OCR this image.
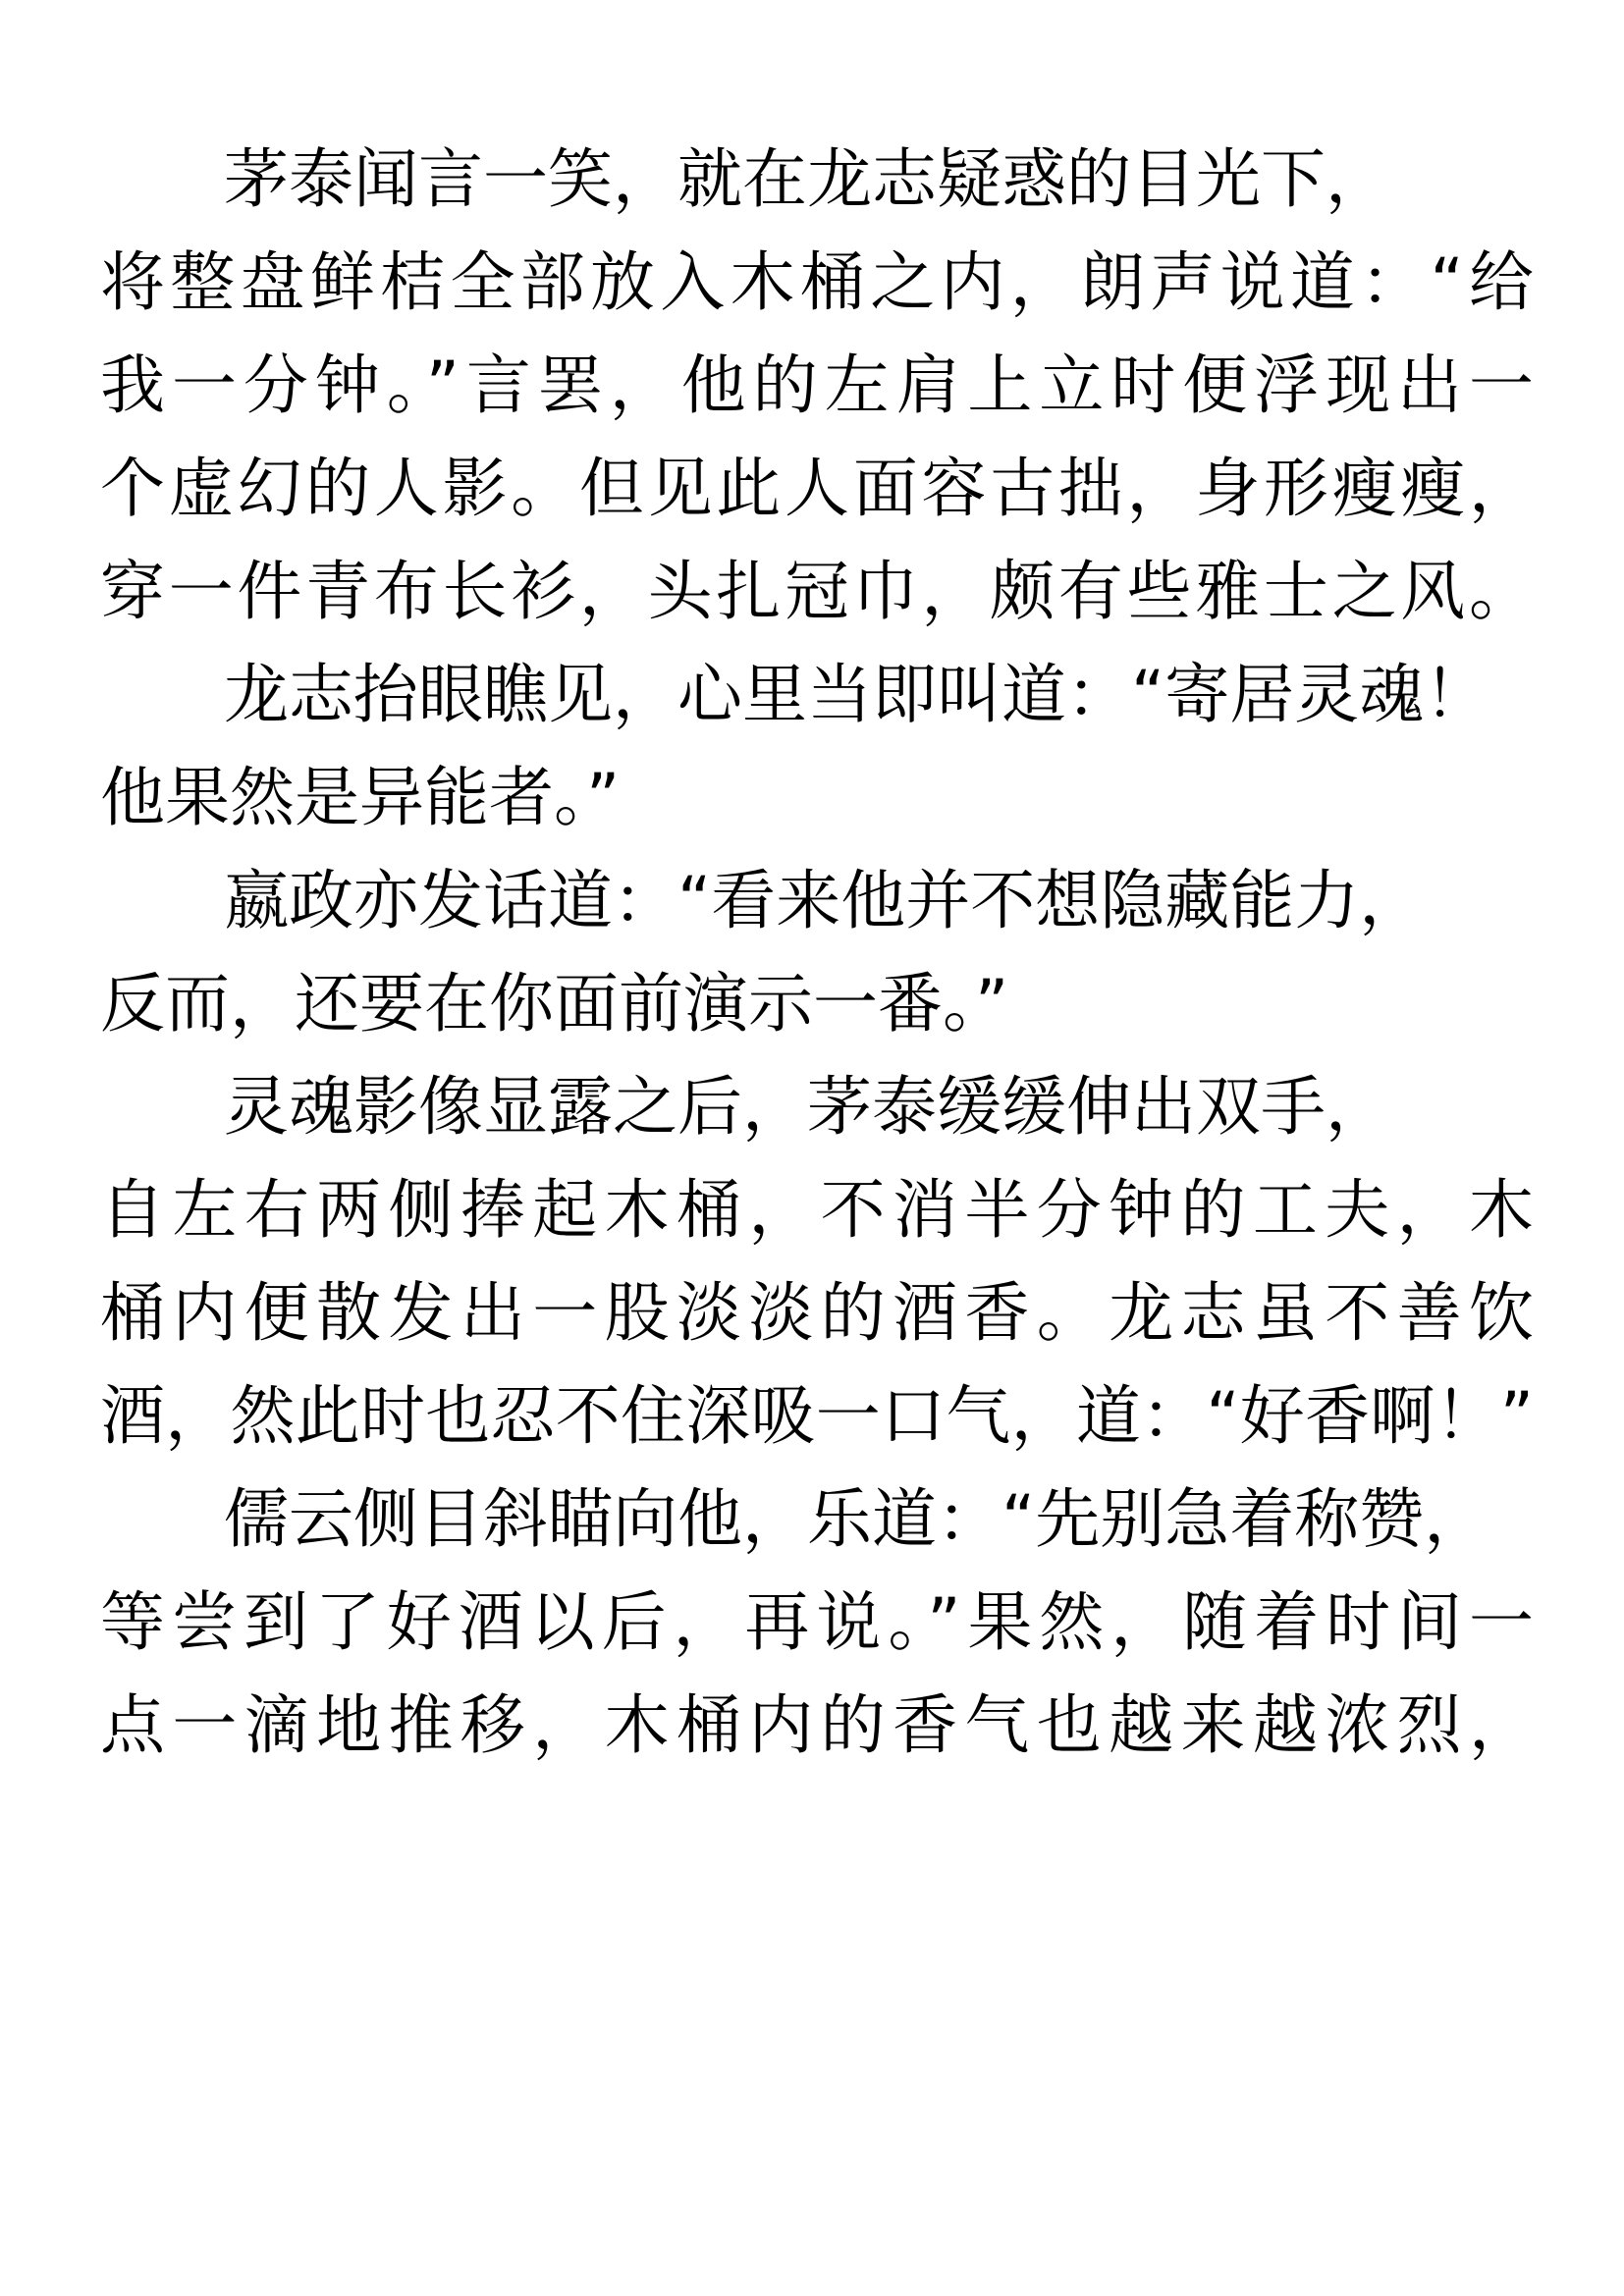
茅泰闻言一笑，就在龙志疑惑的目光下，
将整盘鲜桔全部放入木桶之内，朗声说道：“给
我一分钟。”言罢，他的左肩上立时便浮现出一
个虚幻的人影。但见此人面容古拙，身形瘦瘦，
穿一件青布长衫，头扎冠巾，颇有些雅士之风。
龙志抬眼瞧见，心里当即叫道：“寄居灵魂！
他果然是异能者。”
嬴政亦发话道：“看来他并不想隐藏能力，
反而，还要在你面前演示一番。”
灵魂影像显露之后，茅泰缓缓伸出双手，
自左右两侧捧起木桶，不消半分钟的工夫，木
桶内便散发出一股淡淡的酒香。龙志虽不善饮
酒，然此时也忍不住深吸一口气，道：“好香啊！”
儒云侧目斜瞄向他，乐道：“先别急着称赞，
等尝到了好酒以后，再说。”果然，随着时间一
点一滴地推移，木桶内的香气也越来越浓烈，
